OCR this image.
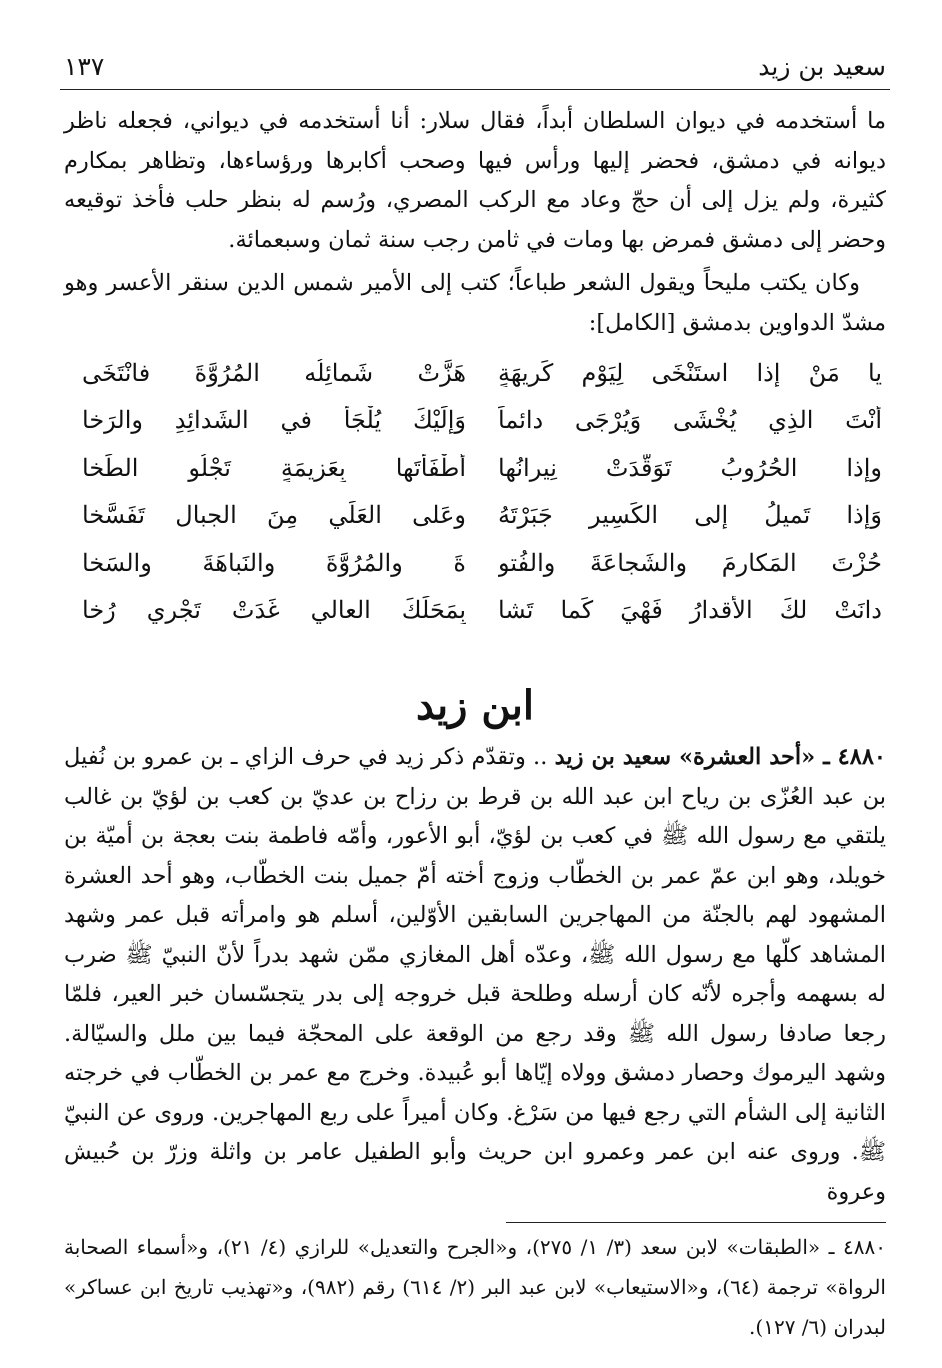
سعيد بن زيد
١٣٧

ما أستخدمه في ديوان السلطان أبداً، فقال سلار: أنا أستخدمه في ديواني، فجعله ناظر ديوانه في دمشق، فحضر إليها ورأس فيها وصحب أكابرها ورؤساءها، وتظاهر بمكارم كثيرة، ولم يزل إلى أن حجّ وعاد مع الركب المصري، ورُسم له بنظر حلب فأخذ توقيعه وحضر إلى دمشق فمرض بها ومات في ثامن رجب سنة ثمان وسبعمائة.

وكان يكتب مليحاً ويقول الشعر طباعاً؛ كتب إلى الأمير شمس الدين سنقر الأعسر وهو مشدّ الدواوين بدمشق [الكامل]:

يا مَنْ إذا استَنْخَى لِيَوْمِ كَريهَةٍ
هَزَّتْ شَمائِلُه المُرُوَّةَ فانْتَخَى
أَنْتَ الذِي يُخْشَى وَيُرْجَى دائماً
وَإلَيْكَ يُلْجَأُ في الشَدائِدِ والرَخا
وإذا الحُرُوبُ تَوَقَّدَتْ نِيرانُها
أطْفَأتَها بِعَزِيمَةٍ تَجْلُو الطَخا
وَإذا تَميلُ إلى الكَسِيرِ جَبَرْتَهُ
وعَلى العَلِّي مِنَ الجبالِ تَفَسَّخا
حُزْتَ المَكارِمَ والشَجاعَةَ والفُتو
ةَ والمُرُوَّةَ والنَباهَةَ والسَخا
دانَتْ لكَ الأَقدارُ فَهْيَ كَما تَشا
بِمَحَلِّكَ العالي غَدَتْ تَجْري رُخا
ابن زيد

٤٨٨٠ ـ «أحد العشرة» سعيد بن زيد .. وتقدّم ذكر زيد في حرف الزاي ـ بن عمرو بن نُفيل بن عبد العُزّى بن رياح ابن عبد الله بن قرط بن رزاح بن عديّ بن كعب بن لؤيّ بن غالب يلتقي مع رسول الله ﷺ في كعب بن لؤيّ، أبو الأعور، وأمّه فاطمة بنت بعجة بن أميّة بن خويلد، وهو ابن عمّ عمر بن الخطّاب وزوج أخته أمّ جميل بنت الخطّاب، وهو أحد العشرة المشهود لهم بالجنّة من المهاجرين السابقين الأوّلين، أسلم هو وامرأته قبل عمر وشهد المشاهد كلّها مع رسول الله ﷺ، وعدّه أهل المغازي ممّن شهد بدراً لأنّ النبيّ ﷺ ضرب له بسهمه وأجره لأنّه كان أرسله وطلحة قبل خروجه إلى بدر يتجسّسان خبر العير، فلمّا رجعا صادفا رسول الله ﷺ وقد رجع من الوقعة على المحجّة فيما بين ملل والسيّالة. وشهد اليرموك وحصار دمشق وولاه إيّاها أبو عُبيدة. وخرج مع عمر بن الخطّاب في خرجته الثانية إلى الشأم التي رجع فيها من سَرْغ. وكان أميراً على ربع المهاجرين. وروى عن النبيّ ﷺ. وروى عنه ابن عمر وعمرو ابن حريث وأبو الطفيل عامر بن واثلة وزرّ بن حُبيش وعروة

٤٨٨٠ ـ «الطبقات» لابن سعد (٣/ ١/ ٢٧٥)، و«الجرح والتعديل» للرازي (٤/ ٢١)، و«أسماء الصحابة الرواة» ترجمة (٦٤)، و«الاستيعاب» لابن عبد البر (٢/ ٦١٤) رقم (٩٨٢)، و«تهذيب تاريخ ابن عساكر» لبدران (٦/ ١٢٧).
